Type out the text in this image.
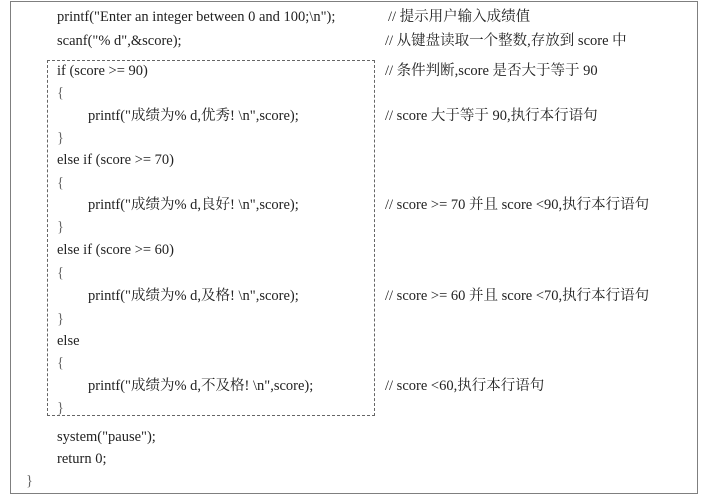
printf("Enter an integer between 0 and 100;\n");
scanf("% d",&score);
if (score >= 90)
{
printf("成绩为% d,优秀! \n",score);
}
else if (score >= 70)
{
printf("成绩为% d,良好! \n",score);
}
else if (score >= 60)
{
printf("成绩为% d,及格! \n",score);
}
else
{
printf("成绩为% d,不及格! \n",score);
}
system("pause");
return 0;
}
// 提示用户输入成绩值
// 从键盘读取一个整数,存放到 score 中
// 条件判断,score 是否大于等于 90
// score 大于等于 90,执行本行语句
// score >= 70 并且 score <90,执行本行语句
// score >= 60 并且 score <70,执行本行语句
// score <60,执行本行语句
